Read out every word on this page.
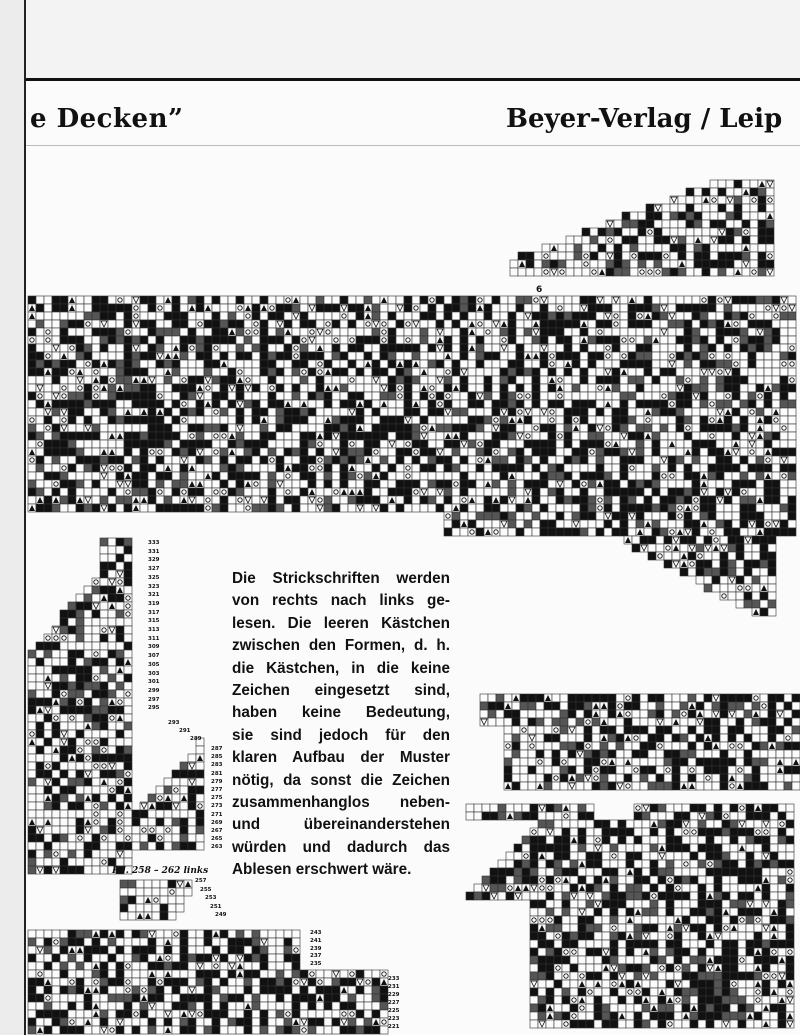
e Decken”	Beyer-Verlag / Leip
6
Die Strickschriften werden
von rechts nach links ge-
lesen. Die leeren Kästchen
zwischen den Formen, d. h.
die Kästchen, in die keine
Zeichen eingesetzt sind,
haben keine Bedeutung,
sie sind jedoch für den
klaren Aufbau der Muster
nötig, da sonst die Zeichen
zusammenhanglos neben-
und übereinanderstehen
würden und dadurch das
Ablesen erschwert wäre.
Rd. 258 – 262 links
333
331
329
327
325
323
321
319
317
315
313
311
309
307
305
303
301
299
297
295
293
291
289
287
285
283
281
279
277
275
273
271
269
267
265
263
257
255
253
251
249
243
241
239
237
235
233
231
229
227
225
223
221
